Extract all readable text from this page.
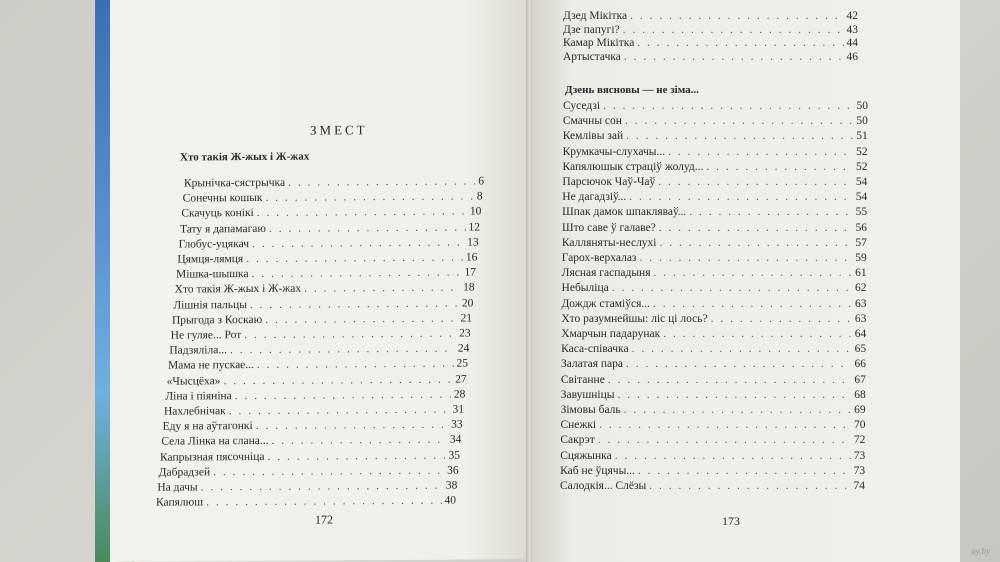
ЗМЕСТ
Хто такія Ж-жых і Ж-жах
Крынічка-сястрычка . . .	6
Сонечны кошык . . .	8
Скачуць конікі . . .	10
Тату я дапамагаю . . .	12
Глобус-уцякач . . .	13
Цямця-лямця . . .	16
Мішка-шышка . . .	17
Хто такія Ж-жых і Ж-жах . . .	18
Лішнія пальцы . . .	20
Прыгода з Коскаю . . .	21
Не гуляе... Рот . . .	23
Падзяліла... . . .	24
Мама не пускае... . . .	25
«Чысцёха» . . .	27
Ліна і піяніна . . .	28
Нахлебнічак . . .	31
Еду я на аўтагонкі . . .	33
Села Лінка на слана... . . .	34
Капрызная пясочніца . . .	35
Дабрадзей . . .	36
На дачы . . .	38
Капялюш . . .	40
172
Дзед Мікітка . . .	42
Дзе папугі? . . .	43
Камар Мікітка . . .	44
Артыстачка . . .	46
Дзень вясновы — не зіма...
Суседзі . . .	50
Смачны сон . . .	50
Кемлівы зай . . .	51
Крумкачы-слухачы... . . .	52
Капялюшык страціў жолуд... . . .	52
Парсючок Чаў-Чаў . . .	54
Не дагадзіў... . . .	54
Шпак дамок шпакляваў... . . .	55
Што саве ў галаве? . . .	56
Калляняты-неслухі . . .	57
Гарох-верхалаз . . .	59
Лясная гаспадыня . . .	61
Небыліца . . .	62
Дождж стаміўся... . . .	63
Хто разумнейшы: ліс ці лось? . . .	63
Хмарчын падарунак . . .	64
Каса-співачка . . .	65
Залатая пара . . .	66
Світанне . . .	67
Завушніцы . . .	68
Зімовы баль . . .	69
Снежкі . . .	70
Сакрэт . . .	72
Сцяжынка . . .	73
Каб не ўцячы... . . .	73
Салодкія... Слёзы . . .	74
173
ay.by
